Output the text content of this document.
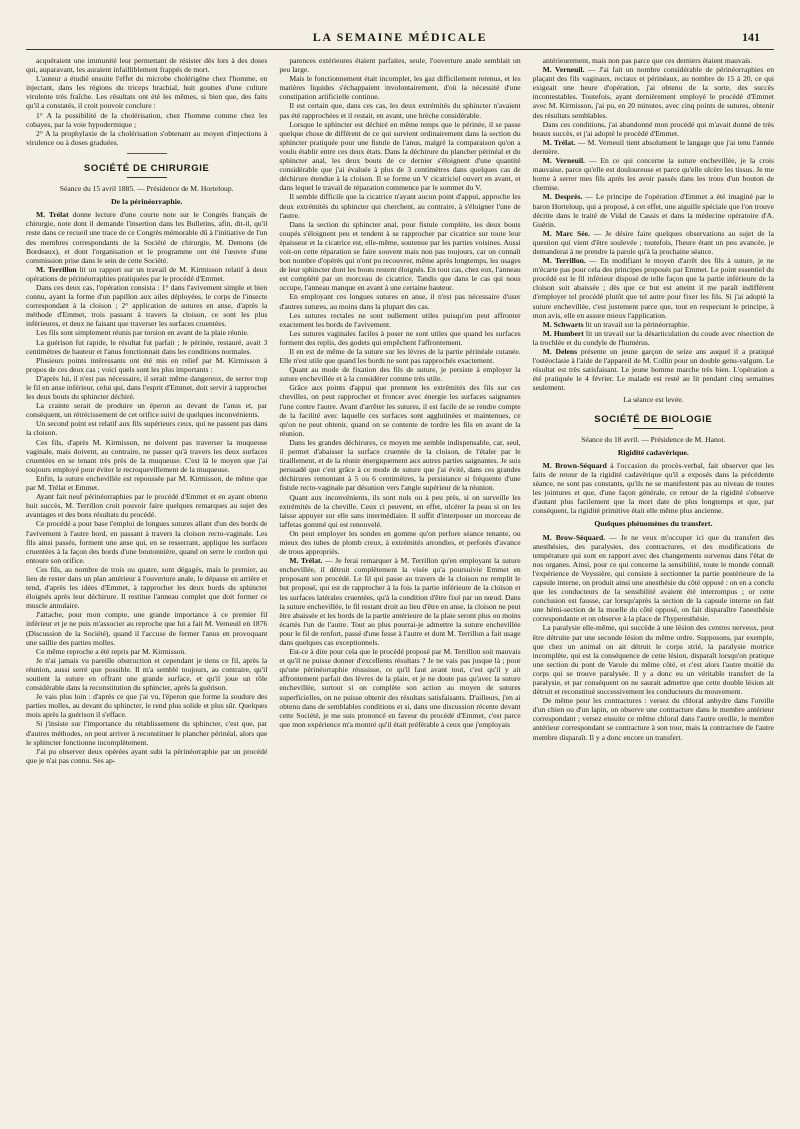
LA SEMAINE MÉDICALE	141

acquéraient une immunité leur permettant de résister dès lors à des doses qui, auparavant, les auraient infailliblement frappés de mort.

L'auteur a étudié ensuite l'effet du microbe cholérigène chez l'homme, en injectant, dans les régions du triceps brachial, huit gouttes d'une culture virulente très fraîche. Les résultats ont été les mêmes, si bien que, des faits qu'il a constatés, il croit pouvoir conclure :

1° A la possibilité de la cholérisation, chez l'homme comme chez les cobayes, par la voie hypodermique ;

2° A la prophylaxie de la cholérisation s'obtenant au moyen d'injections à virulence ou à doses graduées.

SOCIÉTÉ DE CHIRURGIE
Séance du 15 avril 1885. — Présidence de M. Horteloup.
De la périnéorraphie.

M. Trélat donne lecture d'une courte note sur le Congrès français de chirurgie, note dont il demande l'insertion dans les Bulletins, afin, dit-il, qu'il reste dans ce recueil une trace de ce Congrès mémorable dû à l'initiative de l'un des membres correspondants de la Société de chirurgie, M. Demons (de Bordeaux), et dont l'organisation et le programme ont été l'œuvre d'une commission prise dans le sein de cette Société.

M. Terrillon lit un rapport sur un travail de M. Kirmisson relatif à deux opérations de périnéorraphies pratiquées par le procédé d'Emmet.

Dans ces deux cas, l'opération consista : 1° dans l'avivement simple et bien connu, ayant la forme d'un papillon aux ailes déployées, le corps de l'insecte correspondant à la cloison ; 2° application de sutures en anse, d'après la méthode d'Emmet, trois passant à travers la cloison, ce sont les plus inférieures, et deux ne faisant que traverser les surfaces cruentées.

Les fils sont simplement réunis par torsion en avant de la plaie réunie.

La guérison fut rapide, le résultat fut parfait ; le périnée, restauré, avait 3 centimètres de hauteur et l'anus fonctionnait dans les conditions normales.

Plusieurs points intéressants ont été mis en relief par M. Kirmisson à propos de ces deux cas ; voici quels sont les plus importants :

D'après lui, il n'est pas nécessaire, il serait même dangereux, de serrer trop le fil en anse inférieur, celui qui, dans l'esprit d'Emmet, doit servir à rapprocher les deux bouts du sphincter déchiré.

La crainte serait de produire un éperon au devant de l'anus et, par conséquent, un rétrécissement de cet orifice suivi de quelques inconvénients.

Un second point est relatif aux fils supérieurs ceux, qui ne passent pas dans la cloison.

Ces fils, d'après M. Kirmisson, ne doivent pas traverser la muqueuse vaginale, mais doivent, au contraire, ne passer qu'à travers les deux surfaces cruentées en se tenant très près de la muqueuse. C'est là le moyen que j'ai toujours employé pour éviter le recroquevillement de la muqueuse.

Enfin, la suture enchevillée est repoussée par M. Kirmisson, de même que par M. Trélat et Emmet.

Ayant fait neuf périnéorraphies par le procédé d'Emmet et en ayant obtenu huit succès, M. Terrillon croit pouvoir faire quelques remarques au sujet des avantages et des bons résultats du procédé.

Ce procédé a pour base l'emploi de longues sutures allant d'un des bords de l'avivement à l'autre bord, en passant à travers la cloison recto-vaginale. Les fils ainsi passés, forment une anse qui, en se resserrant, applique les surfaces cruentées à la façon des bords d'une boutonnière, quand on serre le cordon qui entoure son orifice.

Ces fils, au nombre de trois ou quatre, sont dégagés, mais le premier, au lieu de rester dans un plan antérieur à l'ouverture anale, le dépasse en arrière et tend, d'après les idées d'Emmet, à rapprocher les deux bords du sphincter éloignés après leur déchirure. Il restitue l'anneau complet que doit former ce muscle annulaire.

J'attache, pour mon compte, une grande importance à ce premier fil inférieur et je ne puis m'associer au reproche que lui a fait M. Verneuil en 1876 (Discussion de la Société), quand il l'accuse de fermer l'anus en provoquant une saillie des parties molles.

Ce même reproche a été repris par M. Kirmisson.

Je n'ai jamais vu pareille obstruction et cependant je tiens ce fil, après la réunion, aussi serré que possible. Il m'a semblé toujours, au contraire, qu'il soutient la suture en offrant une grande surface, et qu'il joue un rôle considérable dans la reconstitution du sphincter, après la guérison.

Je vais plus loin : d'après ce que j'ai vu, l'éperon que forme la soudure des parties molles, au devant du sphincter, le rend plus solide et plus sûr. Quelques mois après la guérison il s'efface.

Si j'insiste sur l'importance du rétablissement du sphincter, c'est que, par d'autres méthodes, on peut arriver à reconstituer le plancher périnéal, alors que le sphincter fonctionne incomplètement.

J'ai pu observer deux opérées ayant subi la périnéorraphie par un procédé que je n'ai pas connu. Ses ap-

parences extérieures étaient parfaites, seule, l'ouverture anale semblait un peu large.

Mais le fonctionnement était incomplet, les gaz difficilement retenus, et les matières liquides s'échappaient involontairement, d'où la nécessité d'une constipation artificielle continue.

Il est certain que, dans ces cas, les deux extrémités du sphincter n'avaient pas été rapprochées et il restait, en avant, une brèche considérable.

Lorsque le sphincter est déchiré en même temps que le périnée, il se passe quelque chose de différent de ce qui survient ordinairement dans la section du sphincter pratiquée pour une fistule de l'anus, malgré la comparaison qu'on a voulu établir entre ces deux états. Dans la déchirure du plancher périnéal et du sphincter anal, les deux bouts de ce dernier s'éloignent d'une quantité considérable que j'ai évaluée à plus de 3 centimètres dans quelques cas de déchirure étendue à la cloison. Il se forme un V cicatriciel ouvert en avant, et dans lequel le travail de réparation commence par le sommet du V.

Il semble difficile que la cicatrice n'ayant aucun point d'appui, approche les deux extrémités du sphincter qui cherchent, au contraire, à s'éloigner l'une de l'autre.

Dans la section du sphincter anal, pour fistule complète, les deux bouts coupés s'éloignent peu et tendent à se rapprocher par cicatrice sur toute leur épaisseur et la cicatrice est, elle-même, soutenue par les parties voisines. Aussi voit-on cette réparation se faire souvent mais non pas toujours, car on connaît bon nombre d'opérés qui n'ont pu recouvrer, même après longtemps, les usages de leur sphincter dont les bouts restent éloignés. En tout cas, chez eux, l'anneau est complété par un morceau de cicatrice. Tandis que dans le cas qui nous occupe, l'anneau manque en avant à une certaine hauteur.

En employant ces longues sutures en anse, il n'est pas nécessaire d'user d'autres sutures, au moins dans la plupart des cas.

Les sutures rectales ne sont nullement utiles puisqu'on peut affronter exactement les bords de l'avivement.

Les sutures vaginales faciles à poser ne sont utiles que quand les surfaces forment des replis, des godets qui empêchent l'affrontement.

Il en est de même de la suture sur les lèvres de la partie périnéale cutanée. Elle n'est utile que quand les bords ne sont pas rapprochés exactement.

Quant au mode de fixation des fils de suture, je persiste à employer la suture enchevillée et à la considérer comme très utile.

Grâce aux points d'appui que prennent les extrémités des fils sur ces chevilles, on peut rapprocher et froncer avec énergie les surfaces saignantes l'une contre l'autre. Avant d'arrêter les sutures, il est facile de se rendre compte de la facilité avec laquelle ces surfaces sont agglutinées et maintenues, ce qu'on ne peut obtenir, quand on se contente de tordre les fils en avant de la réunion.

Dans les grandes déchirures, ce moyen me semble indispensable, car, seul, il permet d'abaisser la surface cruentée de la cloison, de l'étaler par le tiraillement, et de la réunir énergiquement aux autres parties saignantes. Je suis persuadé que c'est grâce à ce mode de suture que j'ai évité, dans ces grandes déchirures remontant à 5 ou 6 centimètres, la persistance si fréquente d'une fistule recto-vaginale par désunion vers l'angle supérieur de la réunion.

Quant aux inconvénients, ils sont nuls ou à peu près, si on surveille les extrémités de la cheville. Ceux ci peuvent, en effet, ulcérer la peau si on les laisse appuyer sur elle sans intermédiaire. Il suffit d'interposer un morceau de taffetas gommé qui est renouvelé.

On peut employer les sondes en gomme qu'on perfore séance tenante, ou mieux des tubes de plomb creux, à extrémités arrondies, et perforés d'avance de trous appropriés.

M. Trélat. — Je ferai remarquer à M. Terrillon qu'en employant la suture enchevillée, il détruit complètement la visée qu'a poursuivie Emmet en proposant son procédé. Le fil qui passe au travers de la cloison ne remplit le but proposé, qui est de rapprocher à la fois la partie inférieure de la cloison et les surfaces latérales cruentées, qu'à la condition d'être fixé par un nœud. Dans la suture enchevillée, le fil restant droit au lieu d'être en anse, la cloison ne peut être abaissée et les bords de la partie antérieure de la plaie seront plus ou moins écartés l'un de l'autre. Tout au plus pourrai-je admettre la suture enchevillée pour le fil de renfort, passé d'une fesse à l'autre et dont M. Terrillon a fait usage dans quelques cas exceptionnels.

Est-ce à dire pour cela que le procédé proposé par M. Terrillon soit mauvais et qu'il ne puisse donner d'excellents résultats ? Je ne vais pas jusque là ; pour qu'une périnéorraphie réussisse, ce qu'il faut avant tout, c'est qu'il y ait affrontement parfait des lèvres de la plaie, et je ne doute pas qu'avec la suture enchevillée, surtout si on complète son action au moyen de sutures superficielles, on ne puisse obtenir des résultats satisfaisants. D'ailleurs, j'en ai obtenu dans de semblables conditions et si, dans une discussion récente devant cette Société, je me suis prononcé en faveur du procédé d'Emmet, c'est parce que mon expérience m'a montré qu'il était préférable à ceux que j'employais

antérieurement, mais non pas parce que ces derniers étaient mauvais.

M. Verneuil. — J'ai fait un nombre considérable de périnéorraphies en plaçant des fils vaginaux, rectaux et périnéaux, au nombre de 15 à 20, ce qui exigeait une heure d'opération, j'ai obtenu de la sorte, des succès incontestables. Toutefois, ayant dernièrement employé le procédé d'Emmet avec M. Kirmisson, j'ai pu, en 20 minutes, avec cinq points de sutures, obtenir des résultats semblables.

Dans ces conditions, j'ai abandonné mon procédé qui m'avait donné de très beaux succès, et j'ai adopté le procédé d'Emmet.

M. Trélat. — M. Verneuil tient absolument le langage que j'ai tenu l'année dernière.

M. Verneuil. — En ce qui concerne la suture enchevillée, je la crois mauvaise, parce qu'elle est douloureuse et parce qu'elle ulcère les tissus. Je me borne à serrer mes fils après les avoir passés dans les trous d'un bouton de chemise.

M. Desprès. — Le principe de l'opération d'Emmet a été imaginé par le baron Horteloup, qui a proposé, à cet effet, une aiguille spéciale que l'on trouve décrite dans le traité de Vidal de Cassis et dans la médecine opératoire d'A. Guérin.

M. Marc Sée. — Je désire faire quelques observations au sujet de la question qui vient d'être soulevée ; toutefois, l'heure étant un peu avancée, je demanderai à ne prendre la parole qu'à la prochaine séance.

M. Terrillon. — En modifiant le moyen d'arrêt des fils à suture, je ne m'écarte pas pour cela des principes proposés par Emmet. Le point essentiel du procédé est le fil inférieur disposé de telle façon que la partie inférieure de la cloison soit abaissée ; dès que ce but est atteint il me paraît indifférent d'employer tel procédé plutôt que tel autre pour fixer les fils. Si j'ai adopté la suture enchevillée, c'est justement parce que, tout en respectant le principe, à mon avis, elle en assure mieux l'application.

M. Schwarts lit un travail sur la périnéorraphie.

M. Humbert lit un travail sur la désarticulation du coude avec résection de la trochlée et du condyle de l'humérus.

M. Delens présente un jeune garçon de seize ans auquel il a pratiqué l'ostéoclasie à l'aide de l'appareil de M. Collin pour un double genu-valgum. Le résultat est très satisfaisant. Le jeune homme marche très bien. L'opération a été pratiquée le 4 février. Le malade est resté au lit pendant cinq semaines seulement.

La séance est levée.
SOCIÉTÉ DE BIOLOGIE
Séance du 18 avril. — Présidence de M. Hanot.
Rigidité cadavérique.

M. Brown-Séquard à l'occasion du procès-verbal, fait observer que les faits de retour de la rigidité cadavérique qu'il a exposés dans la précédente séance, ne sont pas constants, qu'ils ne se manifestent pas au niveau de toutes les jointures et que, d'une façon générale, ce retour de la rigidité s'observe d'autant plus facilement que la mort date de plus longtemps et que, par conséquent, la rigidité primitive était elle même plus ancienne.

Quelques phénomènes du transfert.

M. Brow-Séquard. — Je ne veux m'occuper ici que du transfert des anesthésies, des paralysies, des contractures, et des modifications de température qui sont en rapport avec des changements survenus dans l'état de nos organes. Ainsi, pour ce qui concerne la sensibilité, toute le monde connaît l'expérience de Veyssière, qui consiste à sectionner la partie postérieure de la capsule interne, on produit ainsi une anesthésie du côté opposé : on en a conclu que les conducteurs de la sensibilité avaient été interrompus ; or cette conclusion est fausse, car lorsqu'après la section de la capsule interne on fait une hémi-section de la moelle du côté opposé, on fait disparaître l'anesthésie correspondante et on observe à la place de l'hyperesthésie.

La paralysie elle-même, qui succède à une lésion des centres nerveux, peut être détruite par une seconde lésion du même ordre. Supposons, par exemple, que chez un animal on ait détruit le corps strié, la paralysie motrice incomplète, qui est la conséquence de cette lésion, disparaît lorsqu'on pratique une section du pont de Varole du même côté, et c'est alors l'autre moitié du corps qui se trouve paralysée. Il y a donc eu un véritable transfert de la paralysie, et par conséquent on ne saurait admettre que cette double lésion ait détruit et reconstitué successivement les conducteurs du mouvement.

De même pour les contractures : versez du chloral anhydre dans l'oreille d'un chien ou d'un lapin, on observe une contracture dans le membre antérieur correspondant ; versez ensuite ce même chloral dans l'autre oreille, le membre antérieur correspondant se contracture à son tour, mais la contracture de l'autre membre disparaît. Il y a donc encore un transfert.
